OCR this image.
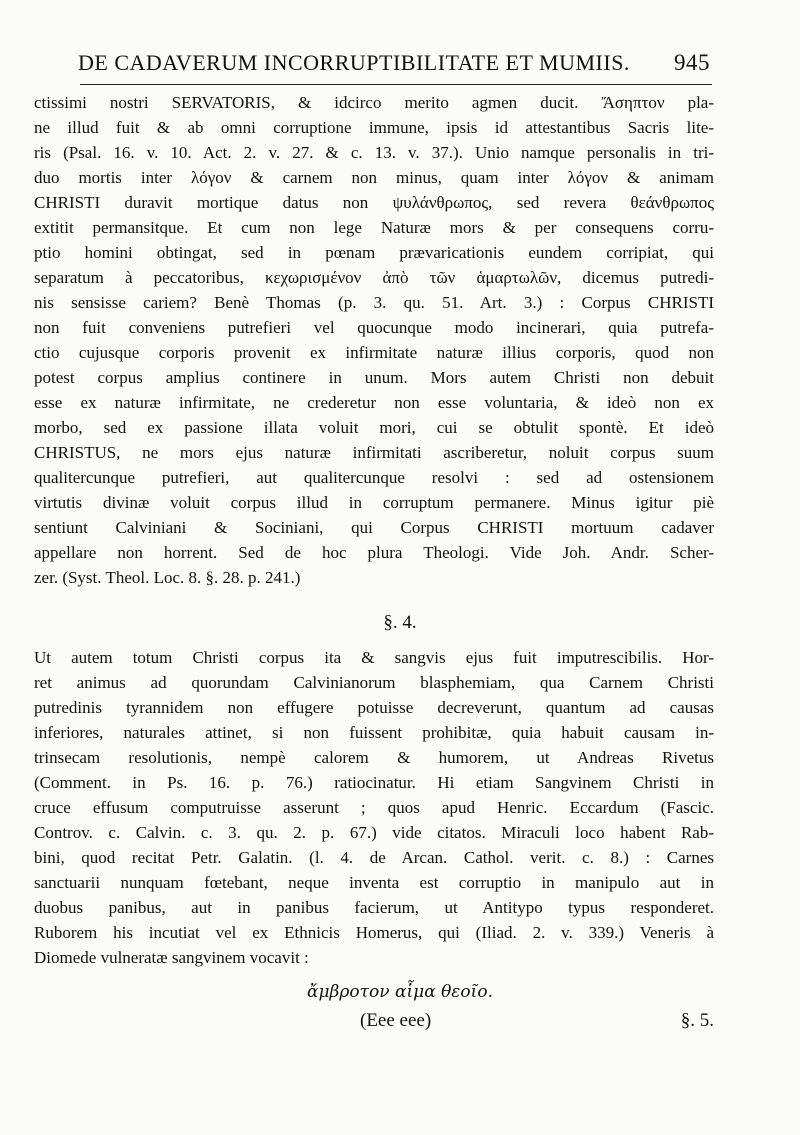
DE CADAVERUM INCORRUPTIBILITATE ET MUMIIS. 945
ctissimi nostri SERVATORIS, & idcirco merito agmen ducit. Ἄσηπτον pla-
ne illud fuit & ab omni corruptione immune, ipsis id attestantibus Sacris lite-
ris (Psal. 16. v. 10. Act. 2. v. 27. & c. 13. v. 37.). Unio namque personalis in tri-
duo mortis inter λόγον & carnem non minus, quam inter λόγον & animam
CHRISTI duravit mortique datus non ψυλάνθρωπος, sed revera θεάνθρωπος
extitit permansitque. Et cum non lege Naturæ mors & per consequens corru-
ptio homini obtingat, sed in pœnam prævaricationis eundem corripiat, qui
separatum à peccatoribus, κεχωρισμένον ἀπὸ τῶν ἁμαρτωλῶν, dicemus putredi-
nis sensisse cariem? Benè Thomas (p. 3. qu. 51. Art. 3.) : Corpus CHRISTI
non fuit conveniens putrefieri vel quocunque modo incinerari, quia putrefa-
ctio cujusque corporis provenit ex infirmitate naturæ illius corporis, quod non
potest corpus amplius continere in unum. Mors autem Christi non debuit
esse ex naturæ infirmitate, ne crederetur non esse voluntaria, & ideò non ex
morbo, sed ex passione illata voluit mori, cui se obtulit spontè. Et ideò
CHRISTUS, ne mors ejus naturæ infirmitati ascriberetur, noluit corpus suum
qualitercunque putrefieri, aut qualitercunque resolvi : sed ad ostensionem
virtutis divinæ voluit corpus illud in corruptum permanere. Minus igitur piè
sentiunt Calviniani & Sociniani, qui Corpus CHRISTI mortuum cadaver
appellare non horrent. Sed de hoc plura Theologi. Vide Joh. Andr. Scher-
zer. (Syst. Theol. Loc. 8. §. 28. p. 241.)
§. 4.
Ut autem totum Christi corpus ita & sangvis ejus fuit imputrescibilis. Hor-
ret animus ad quorundam Calvinianorum blasphemiam, qua Carnem Christi
putredinis tyrannidem non effugere potuisse decreverunt, quantum ad causas
inferiores, naturales attinet, si non fuissent prohibitæ, quia habuit causam in-
trinsecam resolutionis, nempè calorem & humorem, ut Andreas Rivetus
(Comment. in Ps. 16. p. 76.) ratiocinatur. Hi etiam Sangvinem Christi in
cruce effusum computruisse asserunt ; quos apud Henric. Eccardum (Fascic.
Controv. c. Calvin. c. 3. qu. 2. p. 67.) vide citatos. Miraculi loco habent Rab-
bini, quod recitat Petr. Galatin. (l. 4. de Arcan. Cathol. verit. c. 8.) : Carnes
sanctuarii nunquam fœtebant, neque inventa est corruptio in manipulo aut in
duobus panibus, aut in panibus facierum, ut Antitypo typus responderet.
Ruborem his incutiat vel ex Ethnicis Homerus, qui (Iliad. 2. v. 339.) Veneris à
Diomede vulneratæ sangvinem vocavit :
ἄμβροτον αἷμα θεοῖο.
(Eee eee)	§. 5.
